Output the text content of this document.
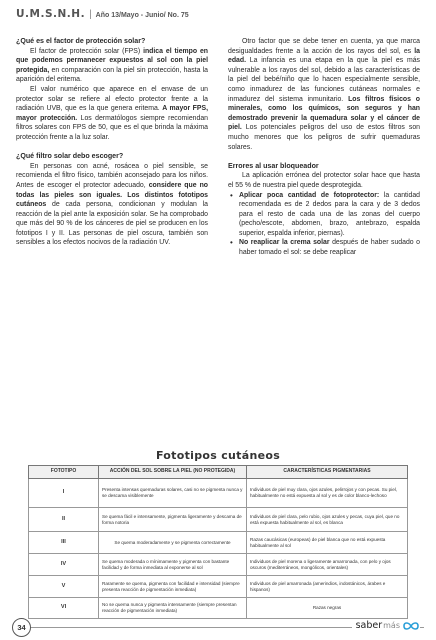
U.M.S.N.H. | Año 13/Mayo - Junio/ No. 75
¿Qué es el factor de protección solar?

El factor de protección solar (FPS) indica el tiempo en que podemos permanecer expuestos al sol con la piel protegida, en comparación con la piel sin protección, hasta la aparición del eritema.

El valor numérico que aparece en el envase de un protector solar se refiere al efecto protector frente a la radiación UVB, que es la que genera eritema. A mayor FPS, mayor protección. Los dermatólogos siempre recomiendan filtros solares con FPS de 50, que es el que brinda la máxima protección frente a la luz solar.

¿Qué filtro solar debo escoger?

En personas con acné, rosácea o piel sensible, se recomienda el filtro físico, también aconsejado para los niños. Antes de escoger el protector adecuado, considere que no todas las pieles son iguales. Los distintos fototipos cutáneos de cada persona, condicionan y modulan la reacción de la piel ante la exposición solar. Se ha comprobado que más del 90 % de los cánceres de piel se producen en los fototipos I y II. Las personas de piel oscura, también son sensibles a los efectos nocivos de la radiación UV.

Otro factor que se debe tener en cuenta, ya que marca desigualdades frente a la acción de los rayos del sol, es la edad. La infancia es una etapa en la que la piel es más vulnerable a los rayos del sol, debido a las características de la piel del bebé/niño que lo hacen especialmente sensible, como inmadurez de las funciones cutáneas normales e inmadurez del sistema inmunitario. Los filtros físicos o minerales, como los químicos, son seguros y han demostrado prevenir la quemadura solar y el cáncer de piel. Los potenciales peligros del uso de estos filtros son mucho menores que los peligros de sufrir quemaduras solares.

Errores al usar bloqueador

La aplicación errónea del protector solar hace que hasta el 55 % de nuestra piel quede desprotegida.

• Aplicar poca cantidad de fotoprotector: la cantidad recomendada es de 2 dedos para la cara y de 3 dedos para el resto de cada una de las zonas del cuerpo (pecho/escote, abdomen, brazo, antebrazo, espalda superior, espalda inferior, piernas).
• No reaplicar la crema solar después de haber sudado o haber tomado el sol: se debe reaplicar
Fototipos cutáneos
FOTOTIPO	ACCIÓN DEL SOL SOBRE LA PIEL (NO PROTEGIDA)	CARACTERÍSTICAS PIGMENTARIAS
I	Presenta intensas quemaduras solares, casi no se pigmenta nunca y se descama visiblemente	Individuos de piel muy clara, ojos azules, pelirrojos y con pecas. Su piel, habitualmente no está expuesta al sol y es de color blanco-lechoso
II	Se quema fácil e intensamente, pigmenta ligeramente y descama de forma notoria	Individuos de piel clara, pelo rubio, ojos azules y pecas, cuya piel, que no está expuesta habitualmente al sol, es blanca
III	Se quema moderadamente y se pigmenta correctamente	Razas caucásicas (europeas) de piel blanca que no está expuesta habitualmente al sol
IV	Se quema moderada o mínimamente y pigmenta con bastante facilidad y de forma inmediata al exponerse al sol	Individuos de piel morena o ligeramente amarronada, con pelo y ojos oscuros (mediterráneos, mongólicos, orientales)
V	Raramente se quema, pigmenta con facilidad e intensidad (siempre presenta reacción de pigmentación inmediata)	Individuos de piel amarronada (amerindios, indostánicos, árabes e hispanos)
VI	No se quema nunca y pigmenta intensamente (siempre presentan reacción de pigmentación inmediata)	Razas negras
34	saber más
